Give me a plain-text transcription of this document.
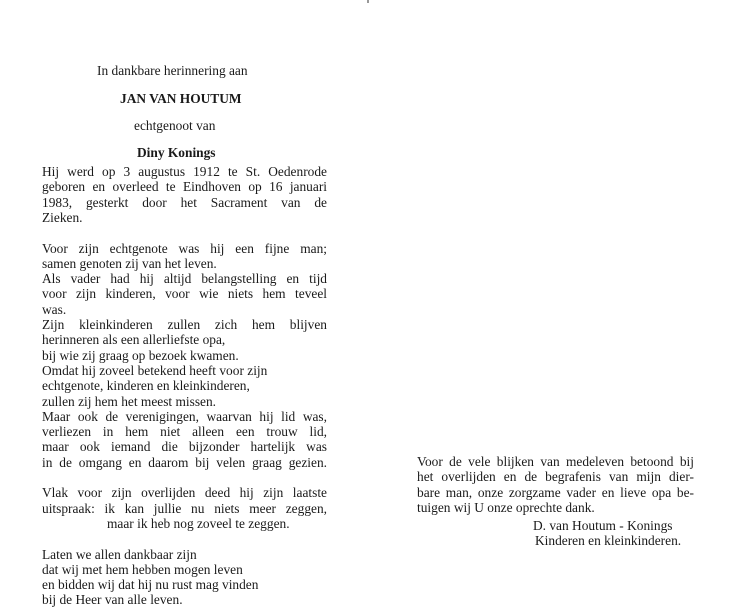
In dankbare herinnering aan
JAN VAN HOUTUM
echtgenoot van
Diny Konings
Hij werd op 3 augustus 1912 te St. Oedenrode
geboren en overleed te Eindhoven op 16 januari
1983, gesterkt door het Sacrament van de
Zieken.
Voor zijn echtgenote was hij een fijne man;
samen genoten zij van het leven.
Als vader had hij altijd belangstelling en tijd
voor zijn kinderen, voor wie niets hem teveel
was.
Zijn kleinkinderen zullen zich hem blijven
herinneren als een allerliefste opa,
bij wie zij graag op bezoek kwamen.
Omdat hij zoveel betekend heeft voor zijn
echtgenote, kinderen en kleinkinderen,
zullen zij hem het meest missen.
Maar ook de verenigingen, waarvan hij lid was,
verliezen in hem niet alleen een trouw lid,
maar ook iemand die bijzonder hartelijk was
in de omgang en daarom bij velen graag gezien.
Vlak voor zijn overlijden deed hij zijn laatste
uitspraak: ik kan jullie nu niets meer zeggen,
maar ik heb nog zoveel te zeggen.
Laten we allen dankbaar zijn
dat wij met hem hebben mogen leven
en bidden wij dat hij nu rust mag vinden
bij de Heer van alle leven.
Voor de vele blijken van medeleven betoond bij
het overlijden en de begrafenis van mijn dier-
bare man, onze zorgzame vader en lieve opa be-
tuigen wij U onze oprechte dank.
D. van Houtum - Konings
Kinderen en kleinkinderen.
